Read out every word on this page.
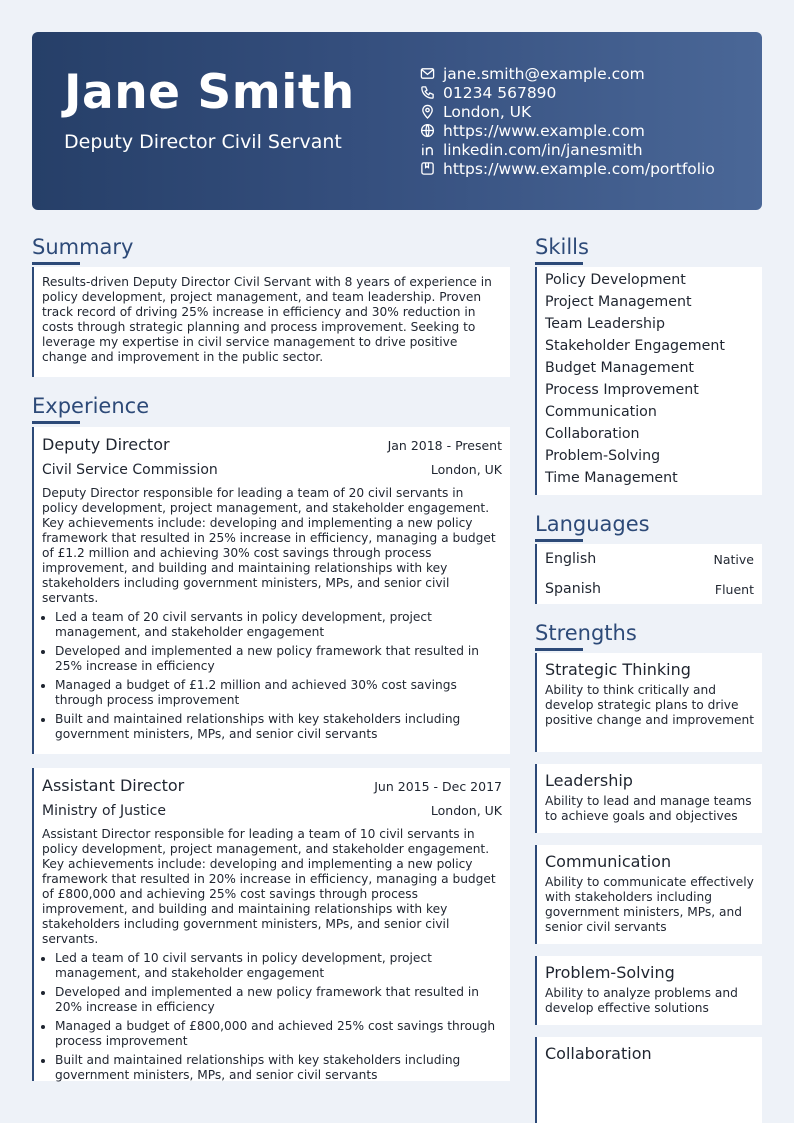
Jane Smith
Deputy Director Civil Servant
jane.smith@example.com
01234 567890
London, UK
https://www.example.com
linkedin.com/in/janesmith
https://www.example.com/portfolio
Summary
Results-driven Deputy Director Civil Servant with 8 years of experience in policy development, project management, and team leadership. Proven track record of driving 25% increase in efficiency and 30% reduction in costs through strategic planning and process improvement. Seeking to leverage my expertise in civil service management to drive positive change and improvement in the public sector.
Experience
Deputy Director	Jan 2018 - Present
Civil Service Commission	London, UK
Deputy Director responsible for leading a team of 20 civil servants in policy development, project management, and stakeholder engagement. Key achievements include: developing and implementing a new policy framework that resulted in 25% increase in efficiency, managing a budget of £1.2 million and achieving 30% cost savings through process improvement, and building and maintaining relationships with key stakeholders including government ministers, MPs, and senior civil servants.
• Led a team of 20 civil servants in policy development, project management, and stakeholder engagement
• Developed and implemented a new policy framework that resulted in 25% increase in efficiency
• Managed a budget of £1.2 million and achieved 30% cost savings through process improvement
• Built and maintained relationships with key stakeholders including government ministers, MPs, and senior civil servants
Assistant Director	Jun 2015 - Dec 2017
Ministry of Justice	London, UK
Assistant Director responsible for leading a team of 10 civil servants in policy development, project management, and stakeholder engagement. Key achievements include: developing and implementing a new policy framework that resulted in 20% increase in efficiency, managing a budget of £800,000 and achieving 25% cost savings through process improvement, and building and maintaining relationships with key stakeholders including government ministers, MPs, and senior civil servants.
• Led a team of 10 civil servants in policy development, project management, and stakeholder engagement
• Developed and implemented a new policy framework that resulted in 20% increase in efficiency
• Managed a budget of £800,000 and achieved 25% cost savings through process improvement
• Built and maintained relationships with key stakeholders including government ministers, MPs, and senior civil servants
Skills
Policy Development
Project Management
Team Leadership
Stakeholder Engagement
Budget Management
Process Improvement
Communication
Collaboration
Problem-Solving
Time Management
Languages
English	Native
Spanish	Fluent
Strengths
Strategic Thinking
Ability to think critically and develop strategic plans to drive positive change and improvement
Leadership
Ability to lead and manage teams to achieve goals and objectives
Communication
Ability to communicate effectively with stakeholders including government ministers, MPs, and senior civil servants
Problem-Solving
Ability to analyze problems and develop effective solutions
Collaboration
